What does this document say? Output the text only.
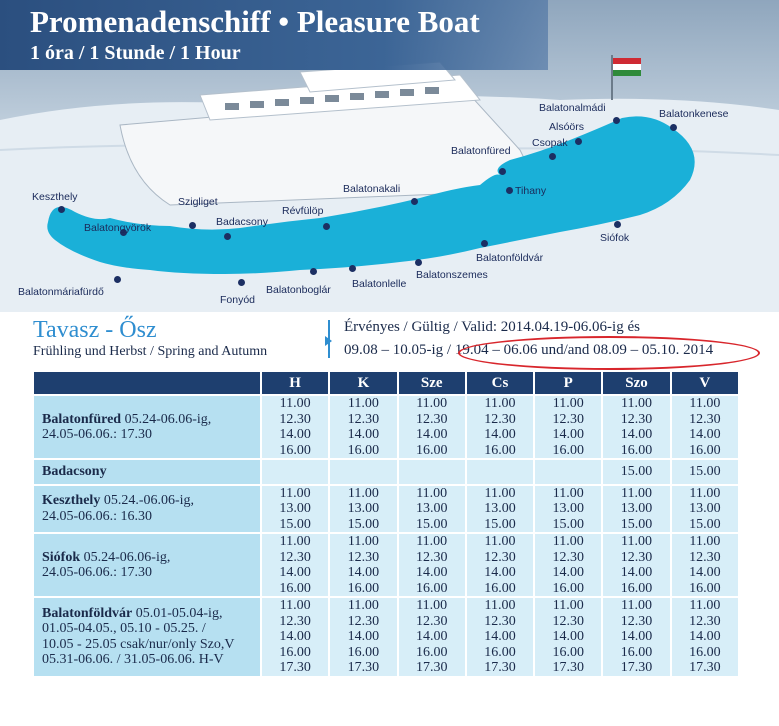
Promenadenschiff • Pleasure Boat
1 óra / 1 Stunde / 1 Hour
Keszthely
Balatongyörök
Szigliget
Badacsony
Révfülöp
Balatonakali
Balatonfüred
Csopak
Alsóörs
Balatonalmádi	Balatonkenese
Tihany
Siófok
Balatonföldvár
Balatonszemes
Balatonlelle
Balatonboglár
Fonyód
Balatonmáriafürdő
Tavasz - Ősz
Frühling und Herbst / Spring and Autumn
Érvényes / Gültig / Valid: 2014.04.19-06.06-ig és
09.08 – 10.05-ig / 19.04 – 06.06 und/and 08.09 – 05.10. 2014
	H	K	Sze	Cs	P	Szo	V

Balatonfüred 05.24-06.06-ig,
24.05-06.06.: 17.30	11.00
12.30
14.00
16.00	11.00
12.30
14.00
16.00	11.00
12.30
14.00
16.00	11.00
12.30
14.00
16.00	11.00
12.30
14.00
16.00	11.00
12.30
14.00
16.00	11.00
12.30
14.00
16.00

Badacsony						15.00	15.00

Keszthely 05.24.-06.06-ig,
24.05-06.06.: 16.30	11.00
13.00
15.00	11.00
13.00
15.00	11.00
13.00
15.00	11.00
13.00
15.00	11.00
13.00
15.00	11.00
13.00
15.00	11.00
13.00
15.00

Siófok 05.24-06.06-ig,
24.05-06.06.: 17.30	11.00
12.30
14.00
16.00	11.00
12.30
14.00
16.00	11.00
12.30
14.00
16.00	11.00
12.30
14.00
16.00	11.00
12.30
14.00
16.00	11.00
12.30
14.00
16.00	11.00
12.30
14.00
16.00

Balatonföldvár 05.01-05.04-ig,
01.05-04.05., 05.10 - 05.25. /
10.05 - 25.05 csak/nur/only Szo,V
05.31-06.06. / 31.05-06.06. H-V	11.00
12.30
14.00
16.00
17.30	11.00
12.30
14.00
16.00
17.30	11.00
12.30
14.00
16.00
17.30	11.00
12.30
14.00
16.00
17.30	11.00
12.30
14.00
16.00
17.30	11.00
12.30
14.00
16.00
17.30	11.00
12.30
14.00
16.00
17.30
